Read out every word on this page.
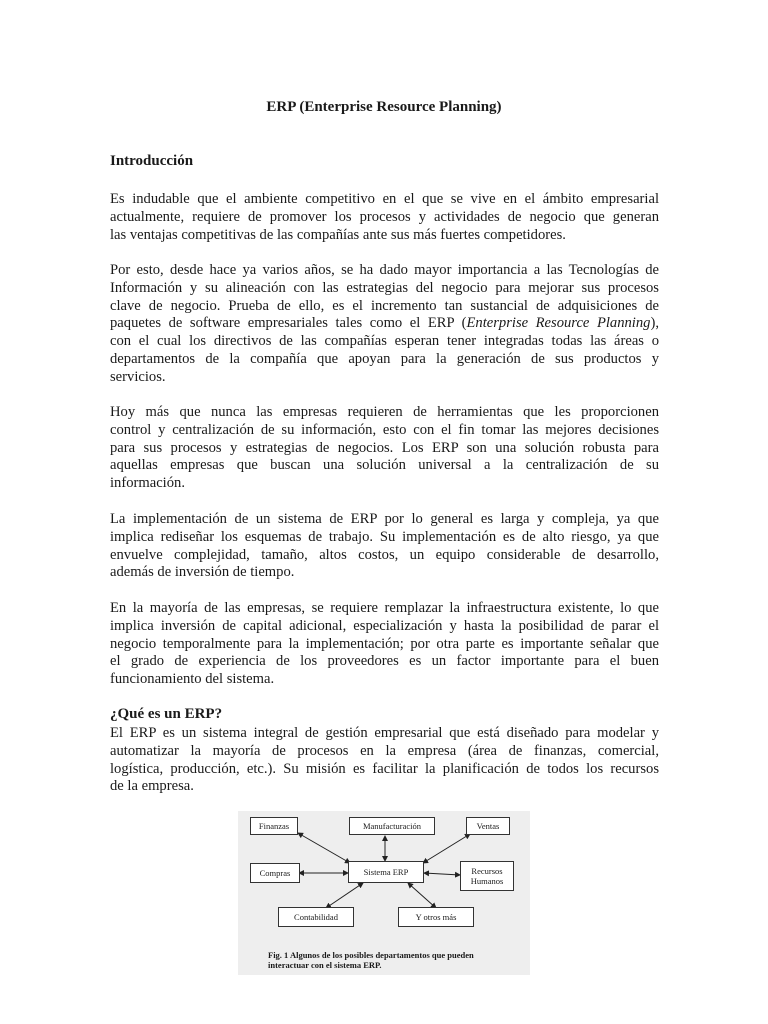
ERP (Enterprise Resource Planning)
Introducción
Es indudable que el ambiente competitivo en el que se vive en el ámbito empresarial
actualmente, requiere de promover los procesos y actividades de negocio que generan
las ventajas competitivas de las compañías ante sus más fuertes competidores.
Por esto, desde hace ya varios años, se ha dado mayor importancia a las Tecnologías de
Información y su alineación con las estrategias del negocio para mejorar sus procesos
clave de negocio. Prueba de ello, es el incremento tan sustancial de adquisiciones de
paquetes de software empresariales tales como el ERP (Enterprise Resource Planning),
con el cual los directivos de las compañías esperan tener integradas todas las áreas o
departamentos de la compañía que apoyan para la generación de sus productos y
servicios.
Hoy más que nunca las empresas requieren de herramientas que les proporcionen
control y centralización de su información, esto con el fin tomar las mejores decisiones
para sus procesos y estrategias de negocios. Los ERP son una solución robusta para
aquellas empresas que buscan una solución universal a la centralización de su
información.
La implementación de un sistema de ERP por lo general es larga y compleja, ya que
implica rediseñar los esquemas de trabajo. Su implementación es de alto riesgo, ya que
envuelve complejidad, tamaño, altos costos, un equipo considerable de desarrollo,
además de inversión de tiempo.
En la mayoría de las empresas, se requiere remplazar la infraestructura existente, lo que
implica inversión de capital adicional, especialización y hasta la posibilidad de parar el
negocio temporalmente para la implementación; por otra parte es importante señalar que
el grado de experiencia de los proveedores es un factor importante para el buen
funcionamiento del sistema.
¿Qué es un ERP?
El ERP es un sistema integral de gestión empresarial que está diseñado para modelar y
automatizar la mayoría de procesos en la empresa (área de finanzas, comercial,
logística, producción, etc.). Su misión es facilitar la planificación de todos los recursos
de la empresa.
Finanzas	Manufacturación	Ventas
Compras	Sistema ERP	Recursos
Humanos
Contabilidad	Y otros más
Fig. 1 Algunos de los posibles departamentos que pueden
interactuar con el sistema ERP.
